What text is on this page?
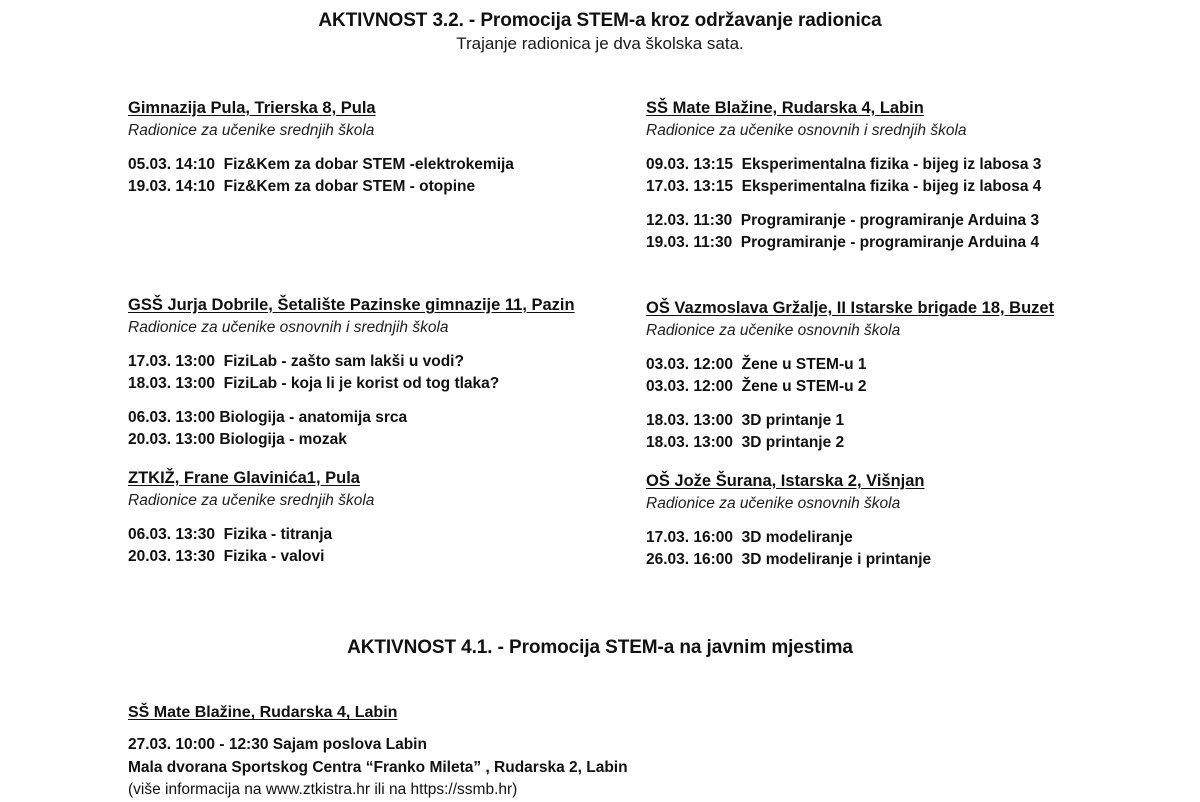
AKTIVNOST 3.2. - Promocija STEM-a kroz održavanje radionica
Trajanje radionica je dva školska sata.
Gimnazija Pula, Trierska 8, Pula
Radionice za učenike srednjih škola
05.03. 14:10  Fiz&Kem za dobar STEM -elektrokemija
19.03. 14:10  Fiz&Kem za dobar STEM - otopine
GSŠ Jurja Dobrile, Šetalište Pazinske gimnazije 11, Pazin
Radionice za učenike osnovnih i srednjih škola
17.03. 13:00  FiziLab - zašto sam lakši u vodi?
18.03. 13:00  FiziLab - koja li je korist od tog tlaka?
06.03. 13:00 Biologija - anatomija srca
20.03. 13:00 Biologija - mozak
ZTKIŽ, Frane Glavinića1, Pula
Radionice za učenike srednjih škola
06.03. 13:30  Fizika - titranja
20.03. 13:30  Fizika - valovi
SŠ Mate Blažine, Rudarska 4, Labin
Radionice za učenike osnovnih i srednjih škola
09.03. 13:15  Eksperimentalna fizika - bijeg iz labosa 3
17.03. 13:15  Eksperimentalna fizika - bijeg iz labosa 4
12.03. 11:30  Programiranje - programiranje Arduina 3
19.03. 11:30  Programiranje - programiranje Arduina 4
OŠ Vazmoslava Gržalje, II Istarske brigade 18, Buzet
Radionice za učenike osnovnih škola
03.03. 12:00  Žene u STEM-u 1
03.03. 12:00  Žene u STEM-u 2
18.03. 13:00  3D printanje 1
18.03. 13:00  3D printanje 2
OŠ Jože Šurana, Istarska 2, Višnjan
Radionice za učenike osnovnih škola
17.03. 16:00  3D modeliranje
26.03. 16:00  3D modeliranje i printanje
AKTIVNOST 4.1. - Promocija STEM-a na javnim mjestima
SŠ Mate Blažine, Rudarska 4, Labin
27.03. 10:00 - 12:30 Sajam poslova Labin
Mala dvorana Sportskog Centra “Franko Mileta” , Rudarska 2, Labin
(više informacija na www.ztkistra.hr ili na https://ssmb.hr)
